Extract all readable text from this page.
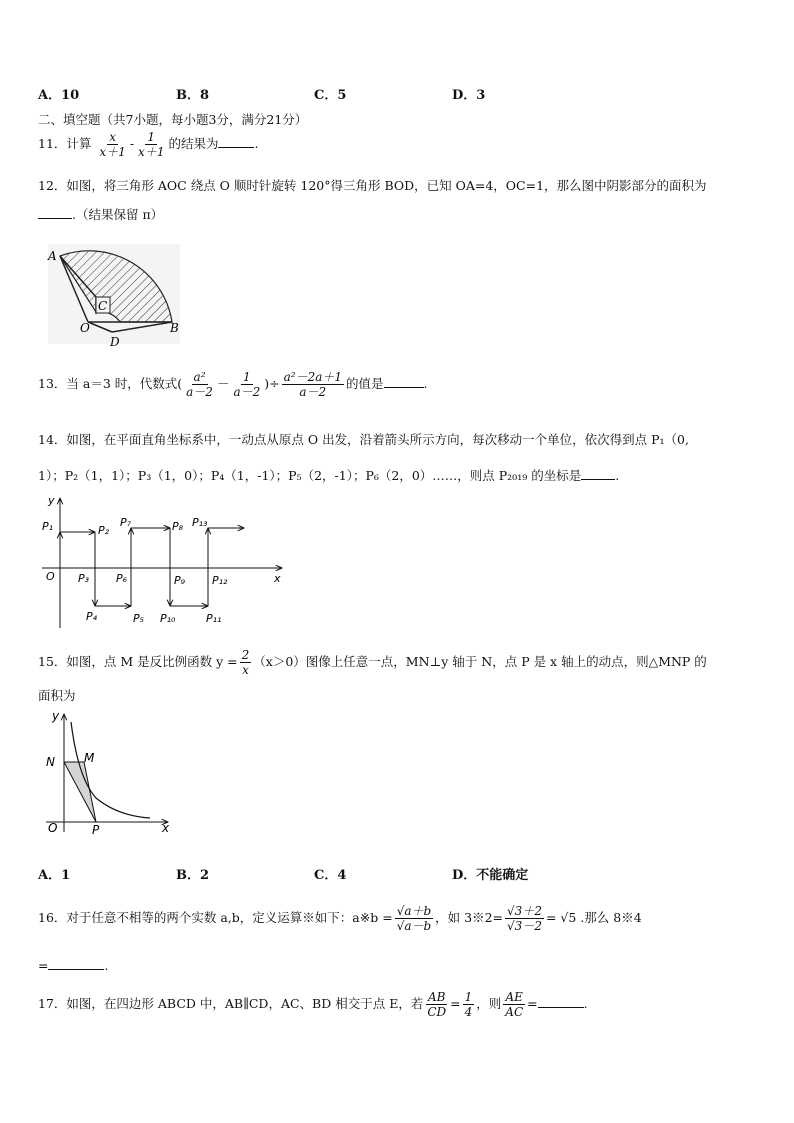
A．10	B．8	C．5	D．3
二、填空题（共7小题，每小题3分，满分21分）
11．计算 $\frac{x}{x+1} - \frac{1}{x+1}$ 的结果为	.
12．如图，将三角形 AOC 绕点 O 顺时针旋转 120°得三角形 BOD，已知 OA=4，OC=1，那么图中阴影部分的面积为
.（结果保留 π）
A
C
O
D
B
13．当 a＝3 时，代数式( $\frac{\text{a²}}{a-2} - \frac{1}{a-2}$ )÷ $\frac{\text{a²－2a＋1}}{a-2}$ 的值是	.
14．如图，在平面直角坐标系中，一动点从原点 O 出发，沿着箭头所示方向，每次移动一个单位，依次得到点 P₁（0,
1）；P₂（1，1）；P₃（1，0）；P₄（1，-1）；P₅（2，-1）；P₆（2，0）……，则点 P₂₀₁₉ 的坐标是	.
y
x
O
P₁	P₂
P₃
P₄	P₅
P₆
P₇	P₈
P₉
P₁₀	P₁₁
P₁₂
P₁₃
15．如图，点 M 是反比例函数 $y = \frac{2}{x} (x>0)$图像上任意一点，MN⊥y 轴于 N，点 P 是 x 轴上的动点，则△MNP 的
面积为
y
x
N M
O	P
A．1	B．2	C．4	D．不能确定
16．对于任意不相等的两个实数 a,b，定义运算※如下：a※b = $\frac{√a+b}{√a-b}$ ，如 3※2= $\frac{√3+2}{√3-2} = √5$ .那么 8※4
=	.
17．如图，在四边形 ABCD 中，AB∥CD，AC、BD 相交于点 E，若 $\frac{AB}{CD} = \frac{1}{4}$ ，则 $\frac{AE}{AC}$ =	.
